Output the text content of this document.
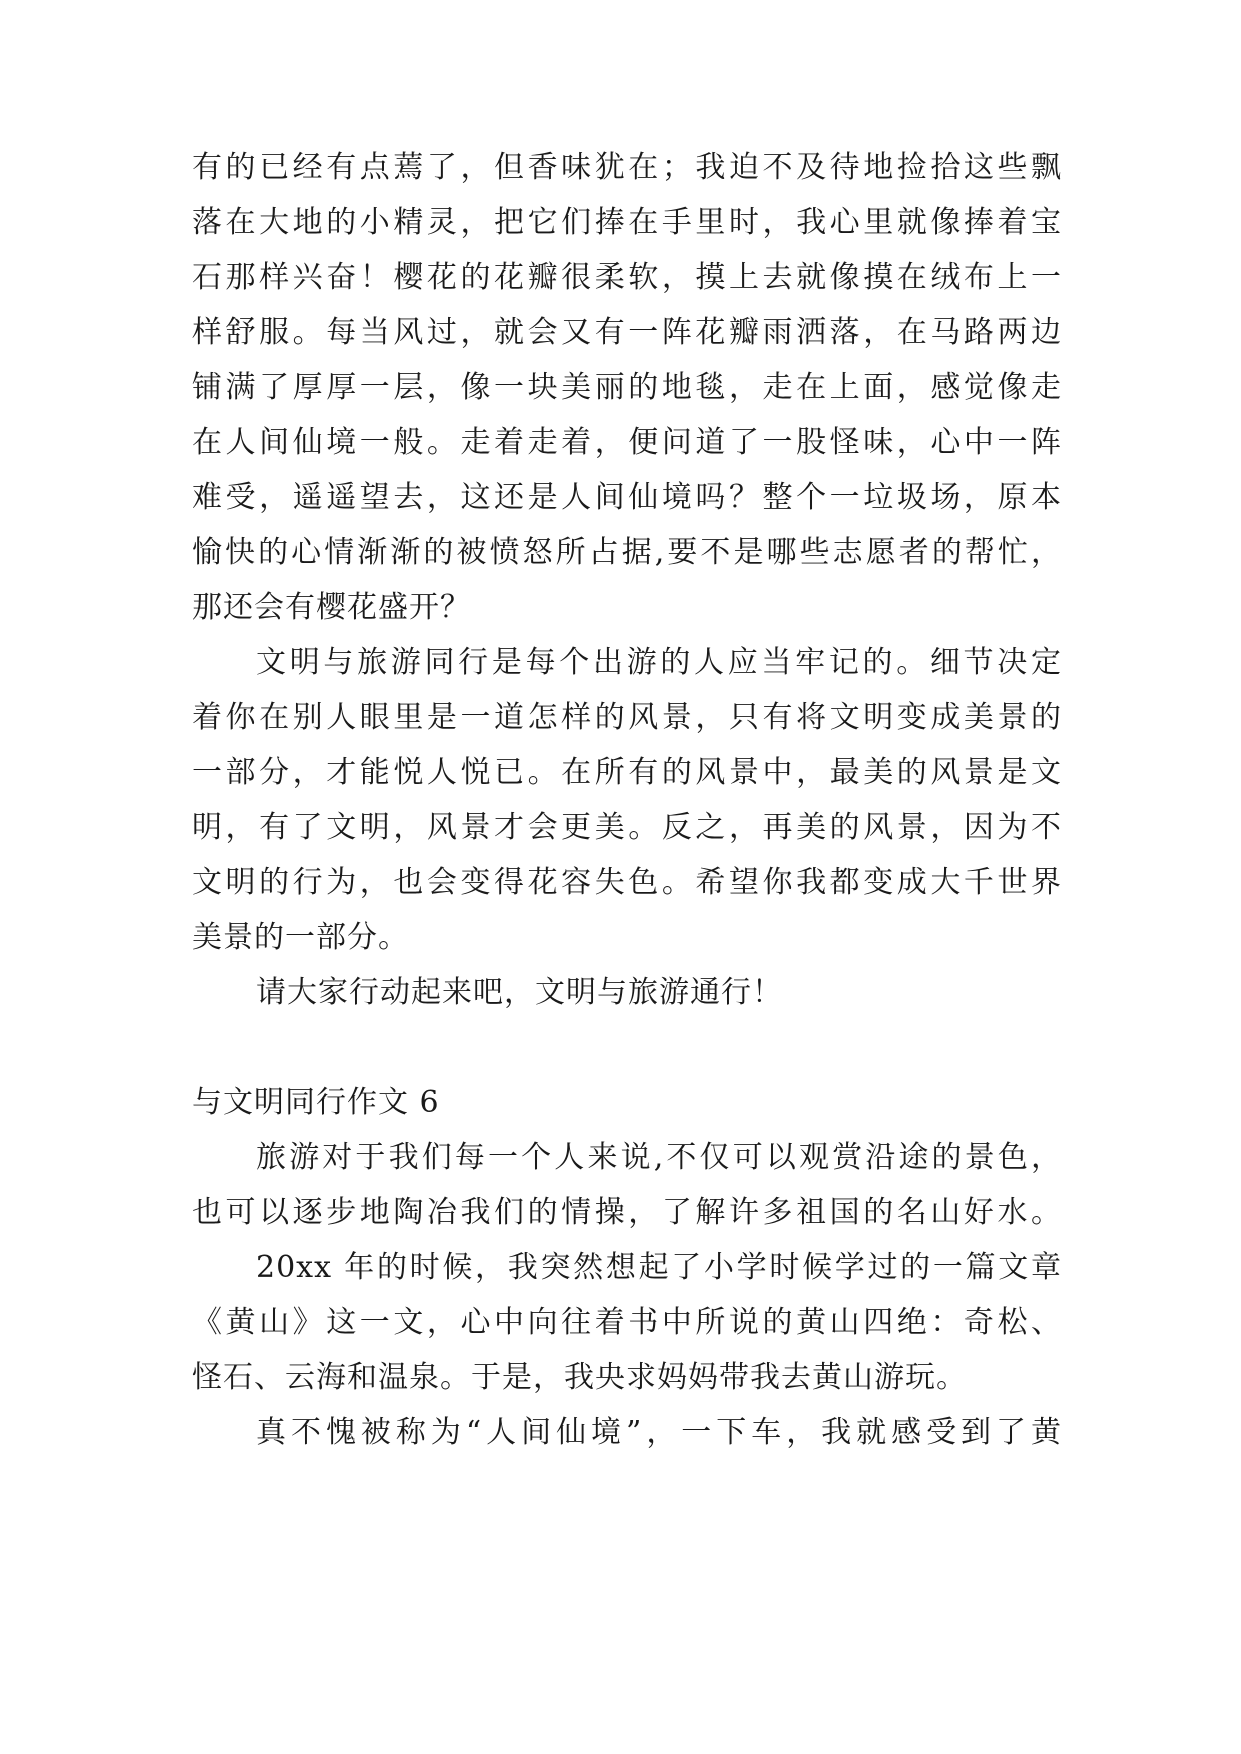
有的已经有点蔫了，但香味犹在；我迫不及待地捡拾这些飘
落在大地的小精灵，把它们捧在手里时，我心里就像捧着宝
石那样兴奋！樱花的花瓣很柔软，摸上去就像摸在绒布上一
样舒服。每当风过，就会又有一阵花瓣雨洒落，在马路两边
铺满了厚厚一层，像一块美丽的地毯，走在上面，感觉像走
在人间仙境一般。走着走着，便问道了一股怪味，心中一阵
难受，遥遥望去，这还是人间仙境吗？整个一垃圾场，原本
愉快的心情渐渐的被愤怒所占据,要不是哪些志愿者的帮忙，
那还会有樱花盛开？
文明与旅游同行是每个出游的人应当牢记的。细节决定
着你在别人眼里是一道怎样的风景，只有将文明变成美景的
一部分，才能悦人悦已。在所有的风景中，最美的风景是文
明，有了文明，风景才会更美。反之，再美的风景，因为不
文明的行为，也会变得花容失色。希望你我都变成大千世界
美景的一部分。
请大家行动起来吧，文明与旅游通行！
与文明同行作文 6
旅游对于我们每一个人来说,不仅可以观赏沿途的景色，
也可以逐步地陶冶我们的情操，了解许多祖国的名山好水。
20xx 年的时候，我突然想起了小学时候学过的一篇文章
《黄山》这一文，心中向往着书中所说的黄山四绝：奇松、
怪石、云海和温泉。于是，我央求妈妈带我去黄山游玩。
真不愧被称为“人间仙境”，一下车，我就感受到了黄
